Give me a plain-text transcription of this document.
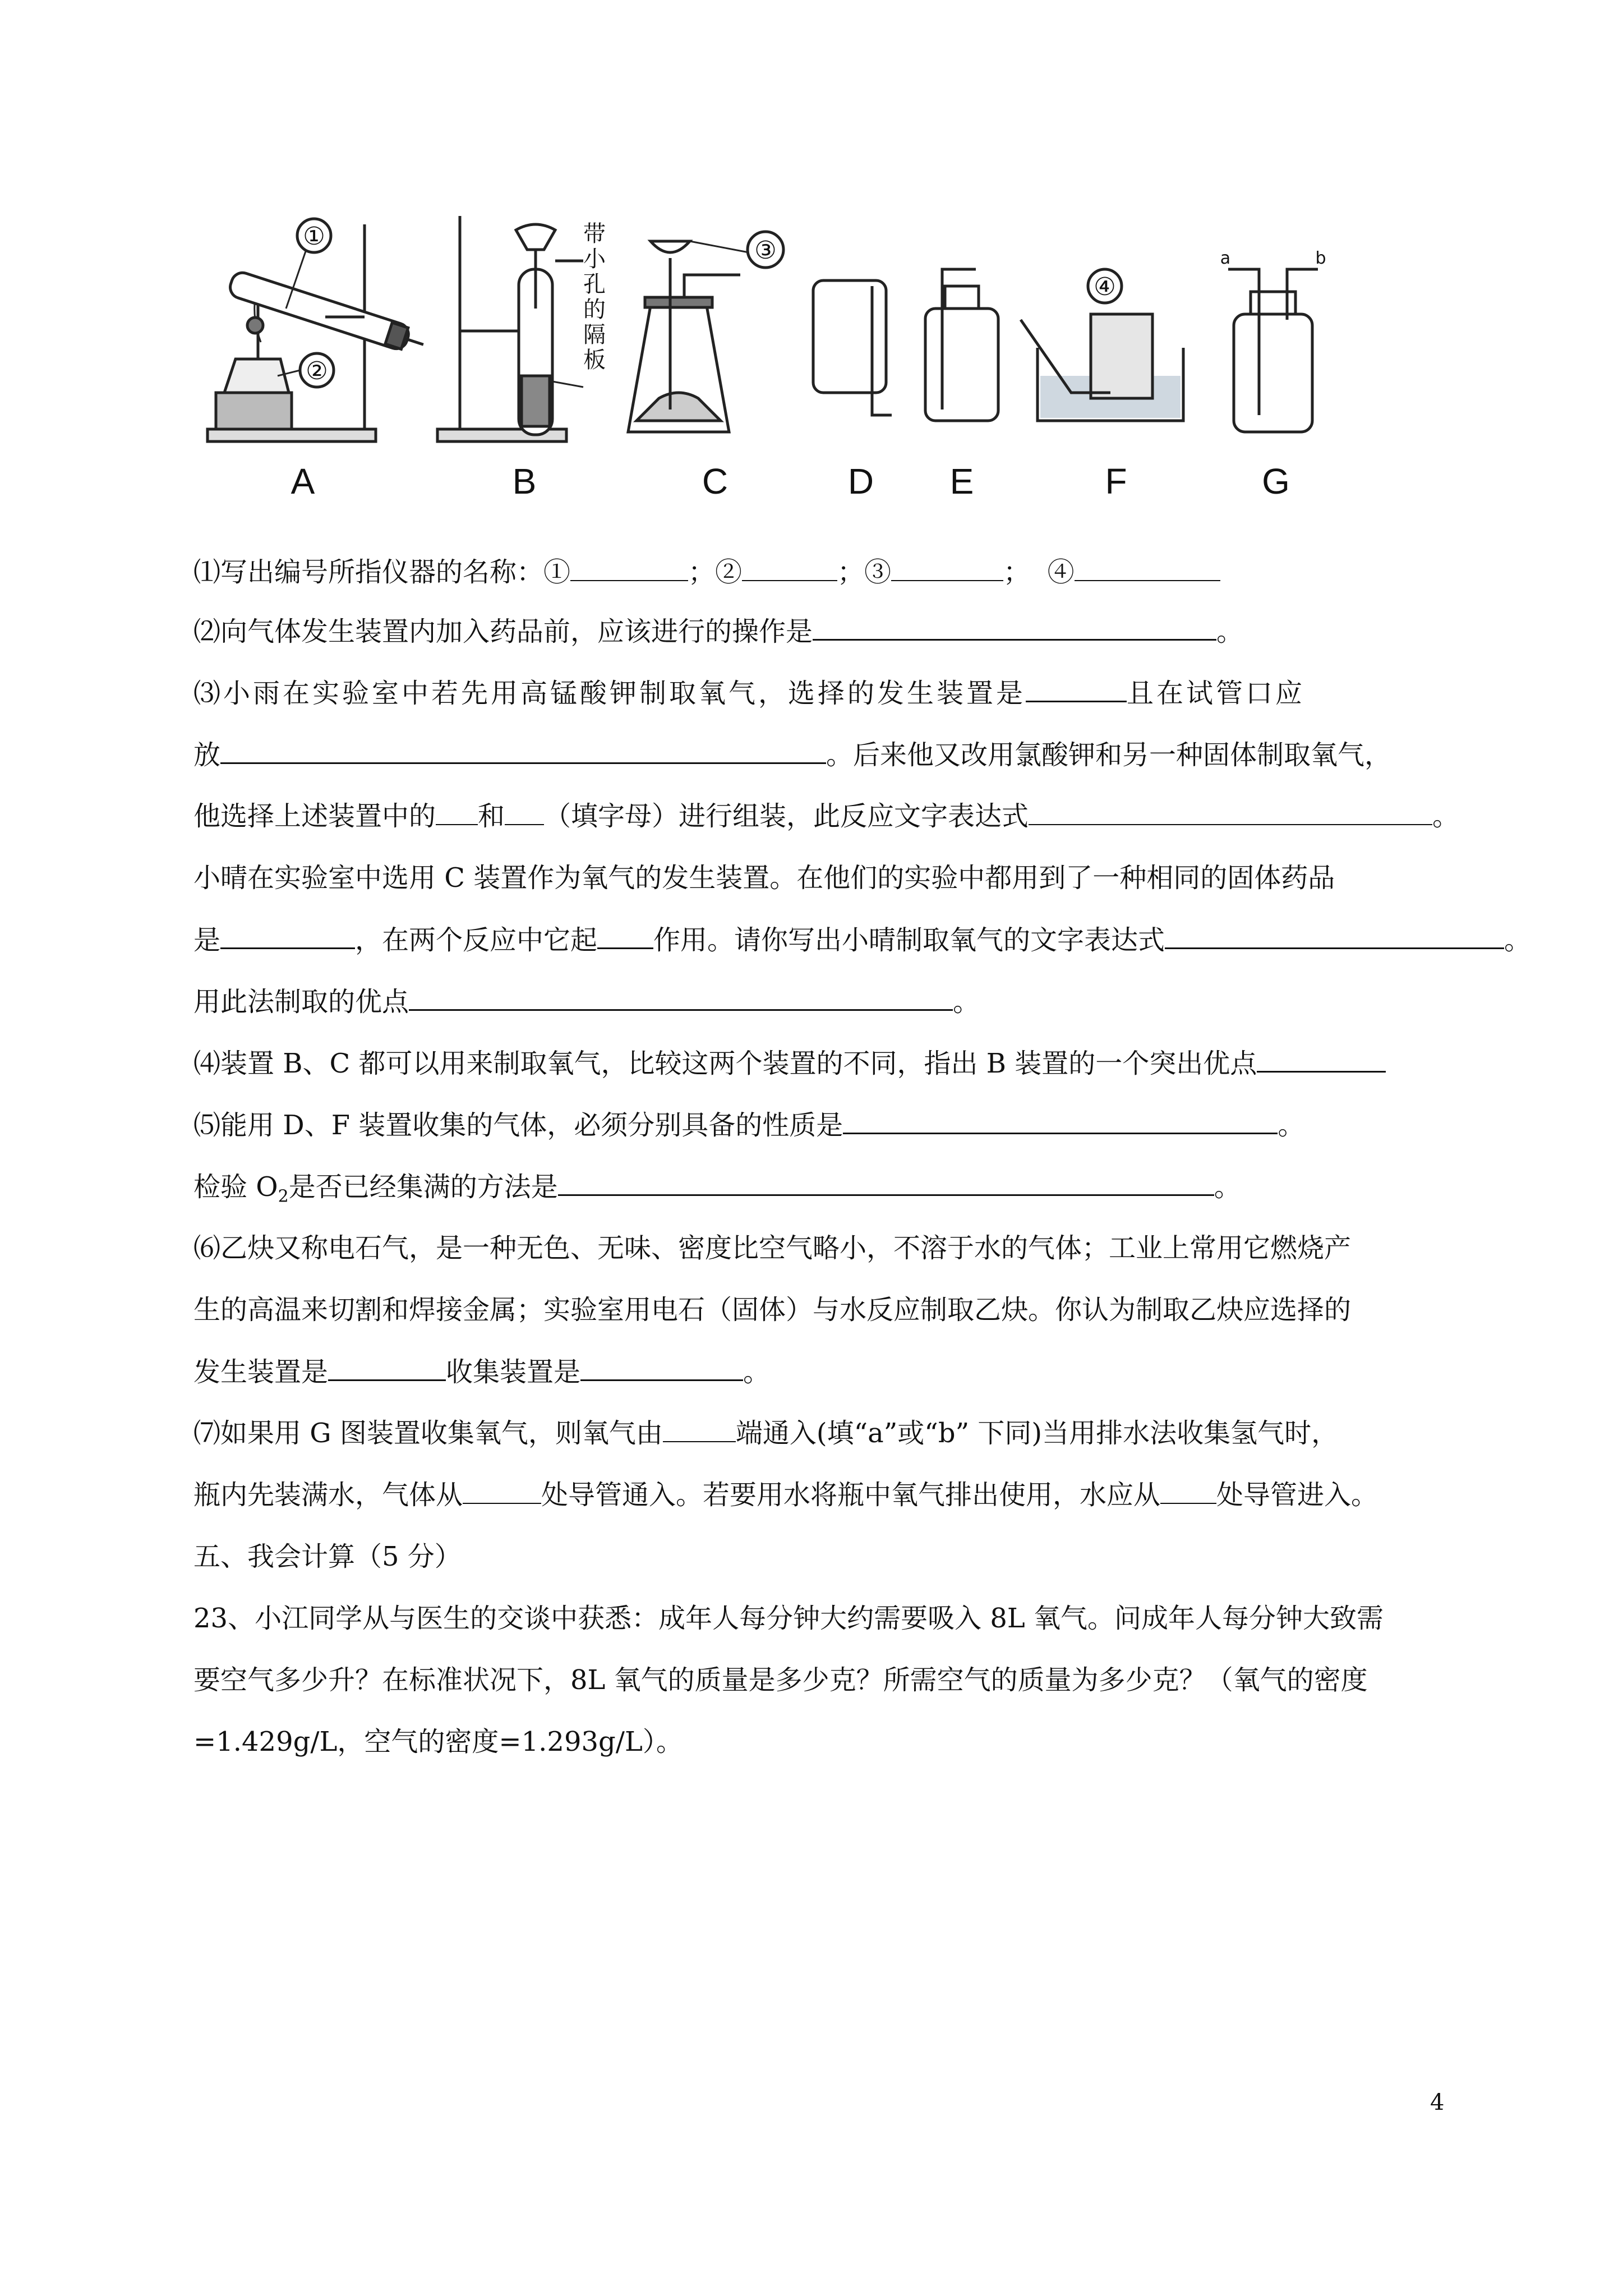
①
②
③
④
a	b
带
小
孔
的
隔
板
A	B	C	D E	F	G
⑴写出编号所指仪器的名称：①	；②	；③	； ④
⑵向气体发生装置内加入药品前，应该进行的操作是	。
⑶小雨在实验室中若先用高锰酸钾制取氧气，选择的发生装置是	且在试管口应
放	。后来他又改用氯酸钾和另一种固体制取氧气，
他选择上述装置中的 和 （填字母）进行组装，此反应文字表达式	。
小晴在实验室中选用 C 装置作为氧气的发生装置。在他们的实验中都用到了一种相同的固体药品
是	，在两个反应中它起 作用。请你写出小晴制取氧气的文字表达式	。
用此法制取的优点	。
⑷装置 B、C 都可以用来制取氧气，比较这两个装置的不同，指出 B 装置的一个突出优点
⑸能用 D、F 装置收集的气体，必须分别具备的性质是	。
检验 $O_2$是否已经集满的方法是	。
⑹乙炔又称电石气，是一种无色、无味、密度比空气略小，不溶于水的气体；工业上常用它燃烧产
生的高温来切割和焊接金属；实验室用电石（固体）与水反应制取乙炔。你认为制取乙炔应选择的
发生装置是	收集装置是	。
⑺如果用 G 图装置收集氧气，则氧气由	端通入(填“a”或“b” 下同)当用排水法收集氢气时，
瓶内先装满水，气体从	处导管通入。若要用水将瓶中氧气排出使用，水应从 处导管进入。
五、我会计算（5 分）
23、小江同学从与医生的交谈中获悉：成年人每分钟大约需要吸入 8L 氧气。问成年人每分钟大致需
要空气多少升？在标准状况下，8L 氧气的质量是多少克？所需空气的质量为多少克？（氧气的密度
=1.429g/L，空气的密度=1.293g/L）。
4
